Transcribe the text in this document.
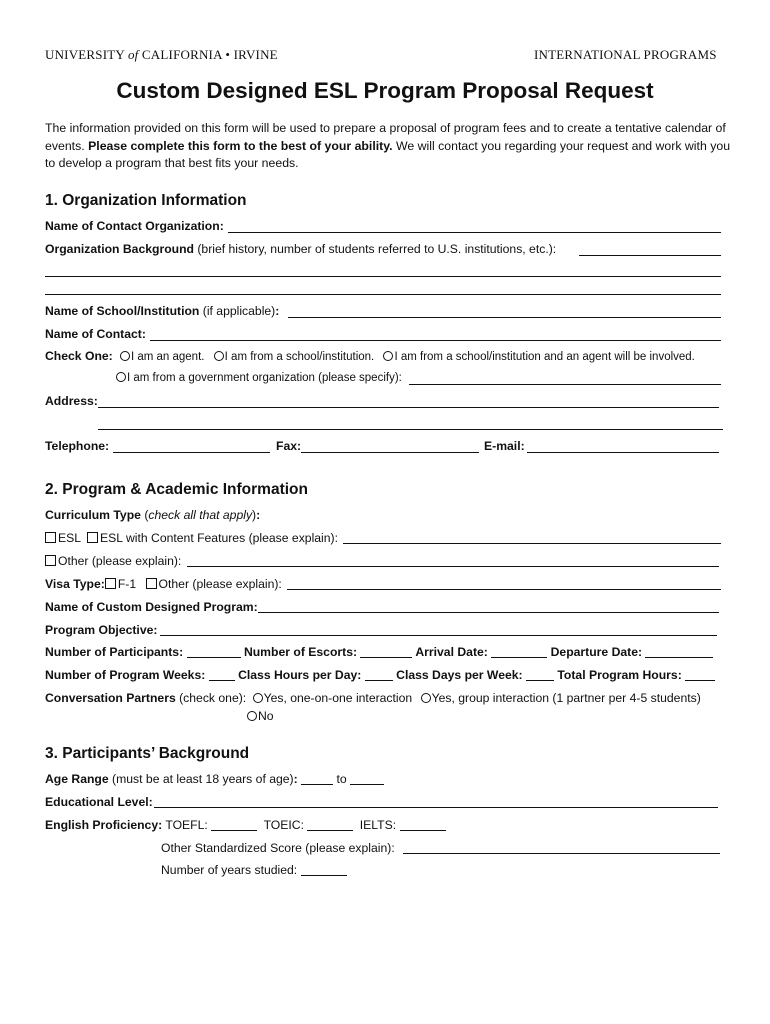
UNIVERSITY of CALIFORNIA • IRVINE	INTERNATIONAL PROGRAMS
Custom Designed ESL Program Proposal Request
The information provided on this form will be used to prepare a proposal of program fees and to create a tentative calendar of events. Please complete this form to the best of your ability. We will contact you regarding your request and work with you to develop a program that best fits your needs.
1. Organization Information
Name of Contact Organization:
Organization Background (brief history, number of students referred to U.S. institutions, etc.):
Name of School/Institution (if applicable):
Name of Contact:
Check One: I am an agent. I am from a school/institution. I am from a school/institution and an agent will be involved.
I am from a government organization (please specify):
Address:
Telephone:	Fax:	E-mail:
2. Program & Academic Information
Curriculum Type (check all that apply):
ESL ESL with Content Features (please explain):
Other (please explain):
Visa Type: F-1 Other (please explain):
Name of Custom Designed Program:
Program Objective:
Number of Participants:	Number of Escorts:	Arrival Date:	Departure Date:
Number of Program Weeks:	Class Hours per Day:	Class Days per Week:	Total Program Hours:
Conversation Partners (check one): Yes, one-on-one interaction Yes, group interaction (1 partner per 4-5 students)
No
3. Participants’ Background
Age Range (must be at least 18 years of age):	to
Educational Level:
English Proficiency: TOEFL:	TOEIC:	IELTS:
Other Standardized Score (please explain):
Number of years studied:
